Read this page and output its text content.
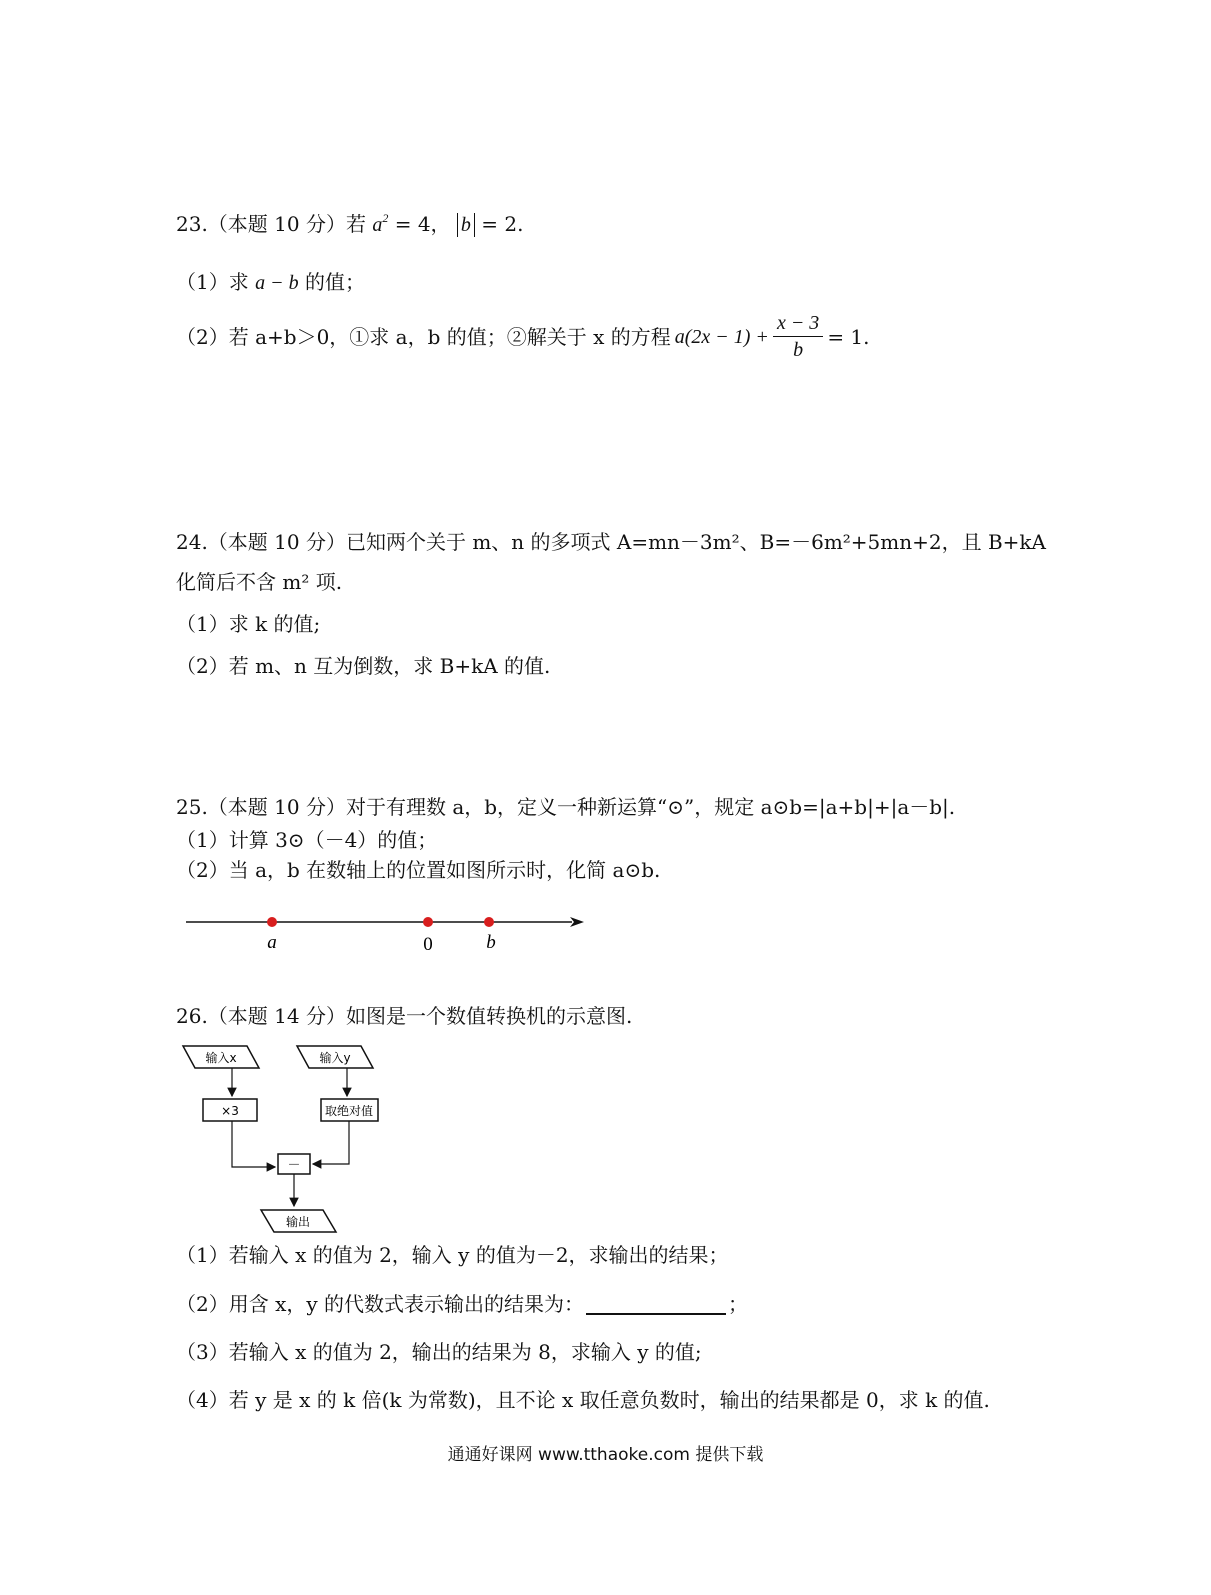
23.（本题 10 分）若 $a^2 = 4$， b = 2.
（1）求 a − b 的值；
（2）若 a+b＞0，①求 a，b 的值；②解关于 x 的方程 $a(2x - 1) + \frac{x - 3}{b} = 1$ .
24.（本题 10 分）已知两个关于 m、n 的多项式 A=mn－3m²、B=－6m²+5mn+2，且 B+kA
化简后不含 m² 项.
（1）求 k 的值;
（2）若 m、n 互为倒数，求 B+kA 的值.
25.（本题 10 分）对于有理数 a，b，定义一种新运算“⊙”，规定 a⊙b=|a+b|+|a－b|.
（1）计算 3⊙（－4）的值；
（2）当 a，b 在数轴上的位置如图所示时，化简 a⊙b.
a	0	b
26.（本题 14 分）如图是一个数值转换机的示意图.
输入x	输入y
×3	取绝对值
－
输出
（1）若输入 x 的值为 2，输入 y 的值为－2，求输出的结果；
（2）用含 x，y 的代数式表示输出的结果为：	；
（3）若输入 x 的值为 2，输出的结果为 8，求输入 y 的值;
（4）若 y 是 x 的 k 倍(k 为常数)，且不论 x 取任意负数时，输出的结果都是 0，求 k 的值.
通通好课网 www.tthaoke.com 提供下载
